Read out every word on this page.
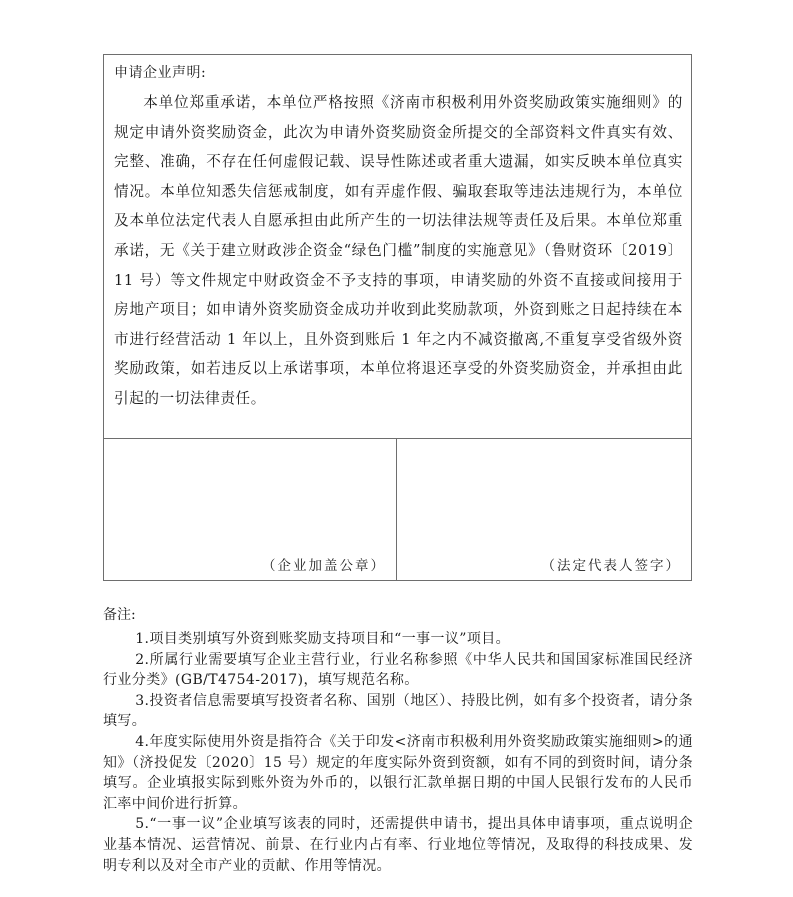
申请企业声明:
本单位郑重承诺，本单位严格按照《济南市积极利用外资奖励政策实施细则》的规定申请外资奖励资金，此次为申请外资奖励资金所提交的全部资料文件真实有效、完整、准确，不存在任何虚假记载、误导性陈述或者重大遗漏，如实反映本单位真实情况。本单位知悉失信惩戒制度，如有弄虚作假、骗取套取等违法违规行为，本单位及本单位法定代表人自愿承担由此所产生的一切法律法规等责任及后果。本单位郑重承诺，无《关于建立财政涉企资金“绿色门槛”制度的实施意见》（鲁财资环〔2019〕11 号）等文件规定中财政资金不予支持的事项，申请奖励的外资不直接或间接用于房地产项目；如申请外资奖励资金成功并收到此奖励款项，外资到账之日起持续在本市进行经营活动 1 年以上，且外资到账后 1 年之内不减资撤离,不重复享受省级外资奖励政策，如若违反以上承诺事项，本单位将退还享受的外资奖励资金，并承担由此引起的一切法律责任。
（企业加盖公章）	（法定代表人签字）
备注:
1.项目类别填写外资到账奖励支持项目和“一事一议”项目。
2.所属行业需要填写企业主营行业，行业名称参照《中华人民共和国国家标准国民经济行业分类》(GB/T4754-2017)，填写规范名称。
3.投资者信息需要填写投资者名称、国别（地区）、持股比例，如有多个投资者，请分条填写。
4.年度实际使用外资是指符合《关于印发<济南市积极利用外资奖励政策实施细则>的通知》（济投促发〔2020〕15 号）规定的年度实际外资到资额，如有不同的到资时间，请分条填写。企业填报实际到账外资为外币的，以银行汇款单据日期的中国人民银行发布的人民币汇率中间价进行折算。
5.“一事一议”企业填写该表的同时，还需提供申请书，提出具体申请事项，重点说明企业基本情况、运营情况、前景、在行业内占有率、行业地位等情况，及取得的科技成果、发明专利以及对全市产业的贡献、作用等情况。
